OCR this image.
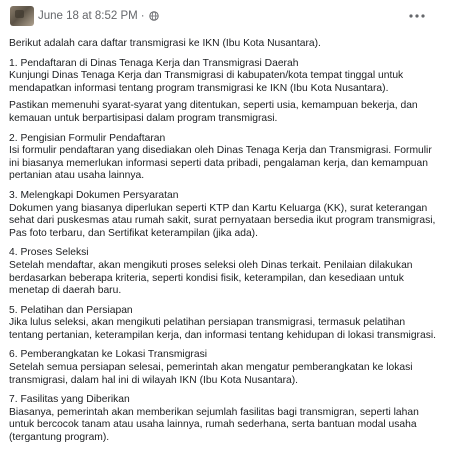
June 18 at 8:52 PM ·

Berikut adalah cara daftar transmigrasi ke IKN (Ibu Kota Nusantara).

1. Pendaftaran di Dinas Tenaga Kerja dan Transmigrasi Daerah
Kunjungi Dinas Tenaga Kerja dan Transmigrasi di kabupaten/kota tempat tinggal untuk mendapatkan informasi tentang program transmigrasi ke IKN (Ibu Kota Nusantara).
Pastikan memenuhi syarat-syarat yang ditentukan, seperti usia, kemampuan bekerja, dan kemauan untuk berpartisipasi dalam program transmigrasi.
2. Pengisian Formulir Pendaftaran
Isi formulir pendaftaran yang disediakan oleh Dinas Tenaga Kerja dan Transmigrasi. Formulir ini biasanya memerlukan informasi seperti data pribadi, pengalaman kerja, dan kemampuan pertanian atau usaha lainnya.
3. Melengkapi Dokumen Persyaratan
Dokumen yang biasanya diperlukan seperti KTP dan Kartu Keluarga (KK), surat keterangan sehat dari puskesmas atau rumah sakit, surat pernyataan bersedia ikut program transmigrasi, Pas foto terbaru, dan Sertifikat keterampilan (jika ada).
4. Proses Seleksi
Setelah mendaftar, akan mengikuti proses seleksi oleh Dinas terkait. Penilaian dilakukan berdasarkan beberapa kriteria, seperti kondisi fisik, keterampilan, dan kesediaan untuk menetap di daerah baru.
5. Pelatihan dan Persiapan
Jika lulus seleksi, akan mengikuti pelatihan persiapan transmigrasi, termasuk pelatihan tentang pertanian, keterampilan kerja, dan informasi tentang kehidupan di lokasi transmigrasi.
6. Pemberangkatan ke Lokasi Transmigrasi
Setelah semua persiapan selesai, pemerintah akan mengatur pemberangkatan ke lokasi transmigrasi, dalam hal ini di wilayah IKN (Ibu Kota Nusantara).
7. Fasilitas yang Diberikan
Biasanya, pemerintah akan memberikan sejumlah fasilitas bagi transmigran, seperti lahan untuk bercocok tanam atau usaha lainnya, rumah sederhana, serta bantuan modal usaha (tergantung program).
